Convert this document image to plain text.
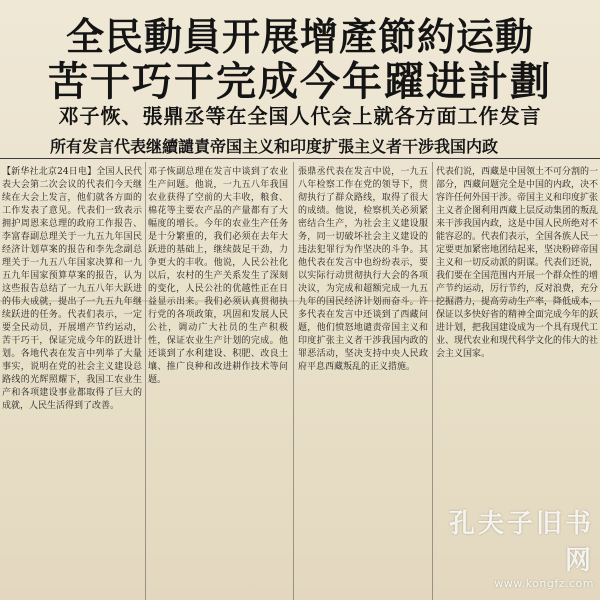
全民動員开展增產節約运動
苦干巧干完成今年躍进計劃
邓子恢、張鼎丞等在全国人代会上就各方面工作发言
所有发言代表继續譴責帝国主义和印度扩張主义者干涉我国内政

【新华社北京24日电】全国人民代表大会第二次会议的代表们今天继续在大会上发言，他们就各方面的工作发表了意见。代表们一致表示拥护周恩来总理的政府工作报告、李富春副总理关于一九五九年国民经济计划草案的报告和李先念副总理关于一九五八年国家决算和一九五九年国家预算草案的报告，认为这些报告总结了一九五八年大跃进的伟大成就，提出了一九五九年继续跃进的任务。代表们表示，一定要全民动员，开展增产节约运动，苦干巧干，保证完成今年的跃进计划。各地代表在发言中列举了大量事实，说明在党的社会主义建设总路线的光辉照耀下，我国工农业生产和各项建设事业都取得了巨大的成就，人民生活得到了改善。

邓子恢副总理在发言中谈到了农业生产问题。他说，一九五八年我国农业获得了空前的大丰收，粮食、棉花等主要农产品的产量都有了大幅度的增长。今年的农业生产任务是十分繁重的，我们必须在去年大跃进的基础上，继续鼓足干劲，力争更大的丰收。他说，人民公社化以后，农村的生产关系发生了深刻的变化，人民公社的优越性正在日益显示出来。我们必须认真贯彻执行党的各项政策，巩固和发展人民公社，调动广大社员的生产积极性，保证农业生产计划的完成。他还谈到了水利建设、积肥、改良土壤、推广良种和改进耕作技术等问题。

張鼎丞代表在发言中说，一九五八年检察工作在党的领导下，贯彻执行了群众路线，取得了很大的成绩。他说，检察机关必须紧密结合生产，为社会主义建设服务，同一切破坏社会主义建设的违法犯罪行为作坚决的斗争。其他代表在发言中也纷纷表示，要以实际行动贯彻执行大会的各项决议，为完成和超额完成一九五九年的国民经济计划而奋斗。许多代表在发言中还谈到了西藏问题，他们愤怒地谴责帝国主义和印度扩张主义者干涉我国内政的罪恶活动，坚决支持中央人民政府平息西藏叛乱的正义措施。

代表们说，西藏是中国领土不可分割的一部分，西藏问题完全是中国的内政，决不容许任何外国干涉。帝国主义和印度扩张主义者企图利用西藏上层反动集团的叛乱来干涉我国内政，这是中国人民所绝对不能容忍的。代表们表示，全国各族人民一定要更加紧密地团结起来，坚决粉碎帝国主义和一切反动派的阴谋。代表们还说，我们要在全国范围内开展一个群众性的增产节约运动，厉行节约，反对浪费，充分挖掘潜力，提高劳动生产率，降低成本，保证以多快好省的精神全面完成今年的跃进计划，把我国建设成为一个具有现代工业、现代农业和现代科学文化的伟大的社会主义国家。

孔夫子旧书网
www.kongfz.com
